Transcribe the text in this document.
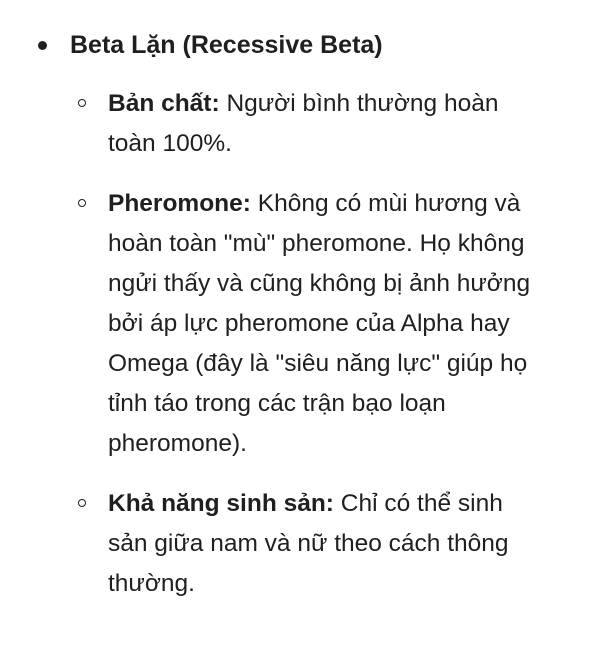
Beta Lặn (Recessive Beta)
Bản chất: Người bình thường hoàn
toàn 100%.
Pheromone: Không có mùi hương và
hoàn toàn "mù" pheromone. Họ không
ngửi thấy và cũng không bị ảnh hưởng
bởi áp lực pheromone của Alpha hay
Omega (đây là "siêu năng lực" giúp họ
tỉnh táo trong các trận bạo loạn
pheromone).
Khả năng sinh sản: Chỉ có thể sinh
sản giữa nam và nữ theo cách thông
thường.
